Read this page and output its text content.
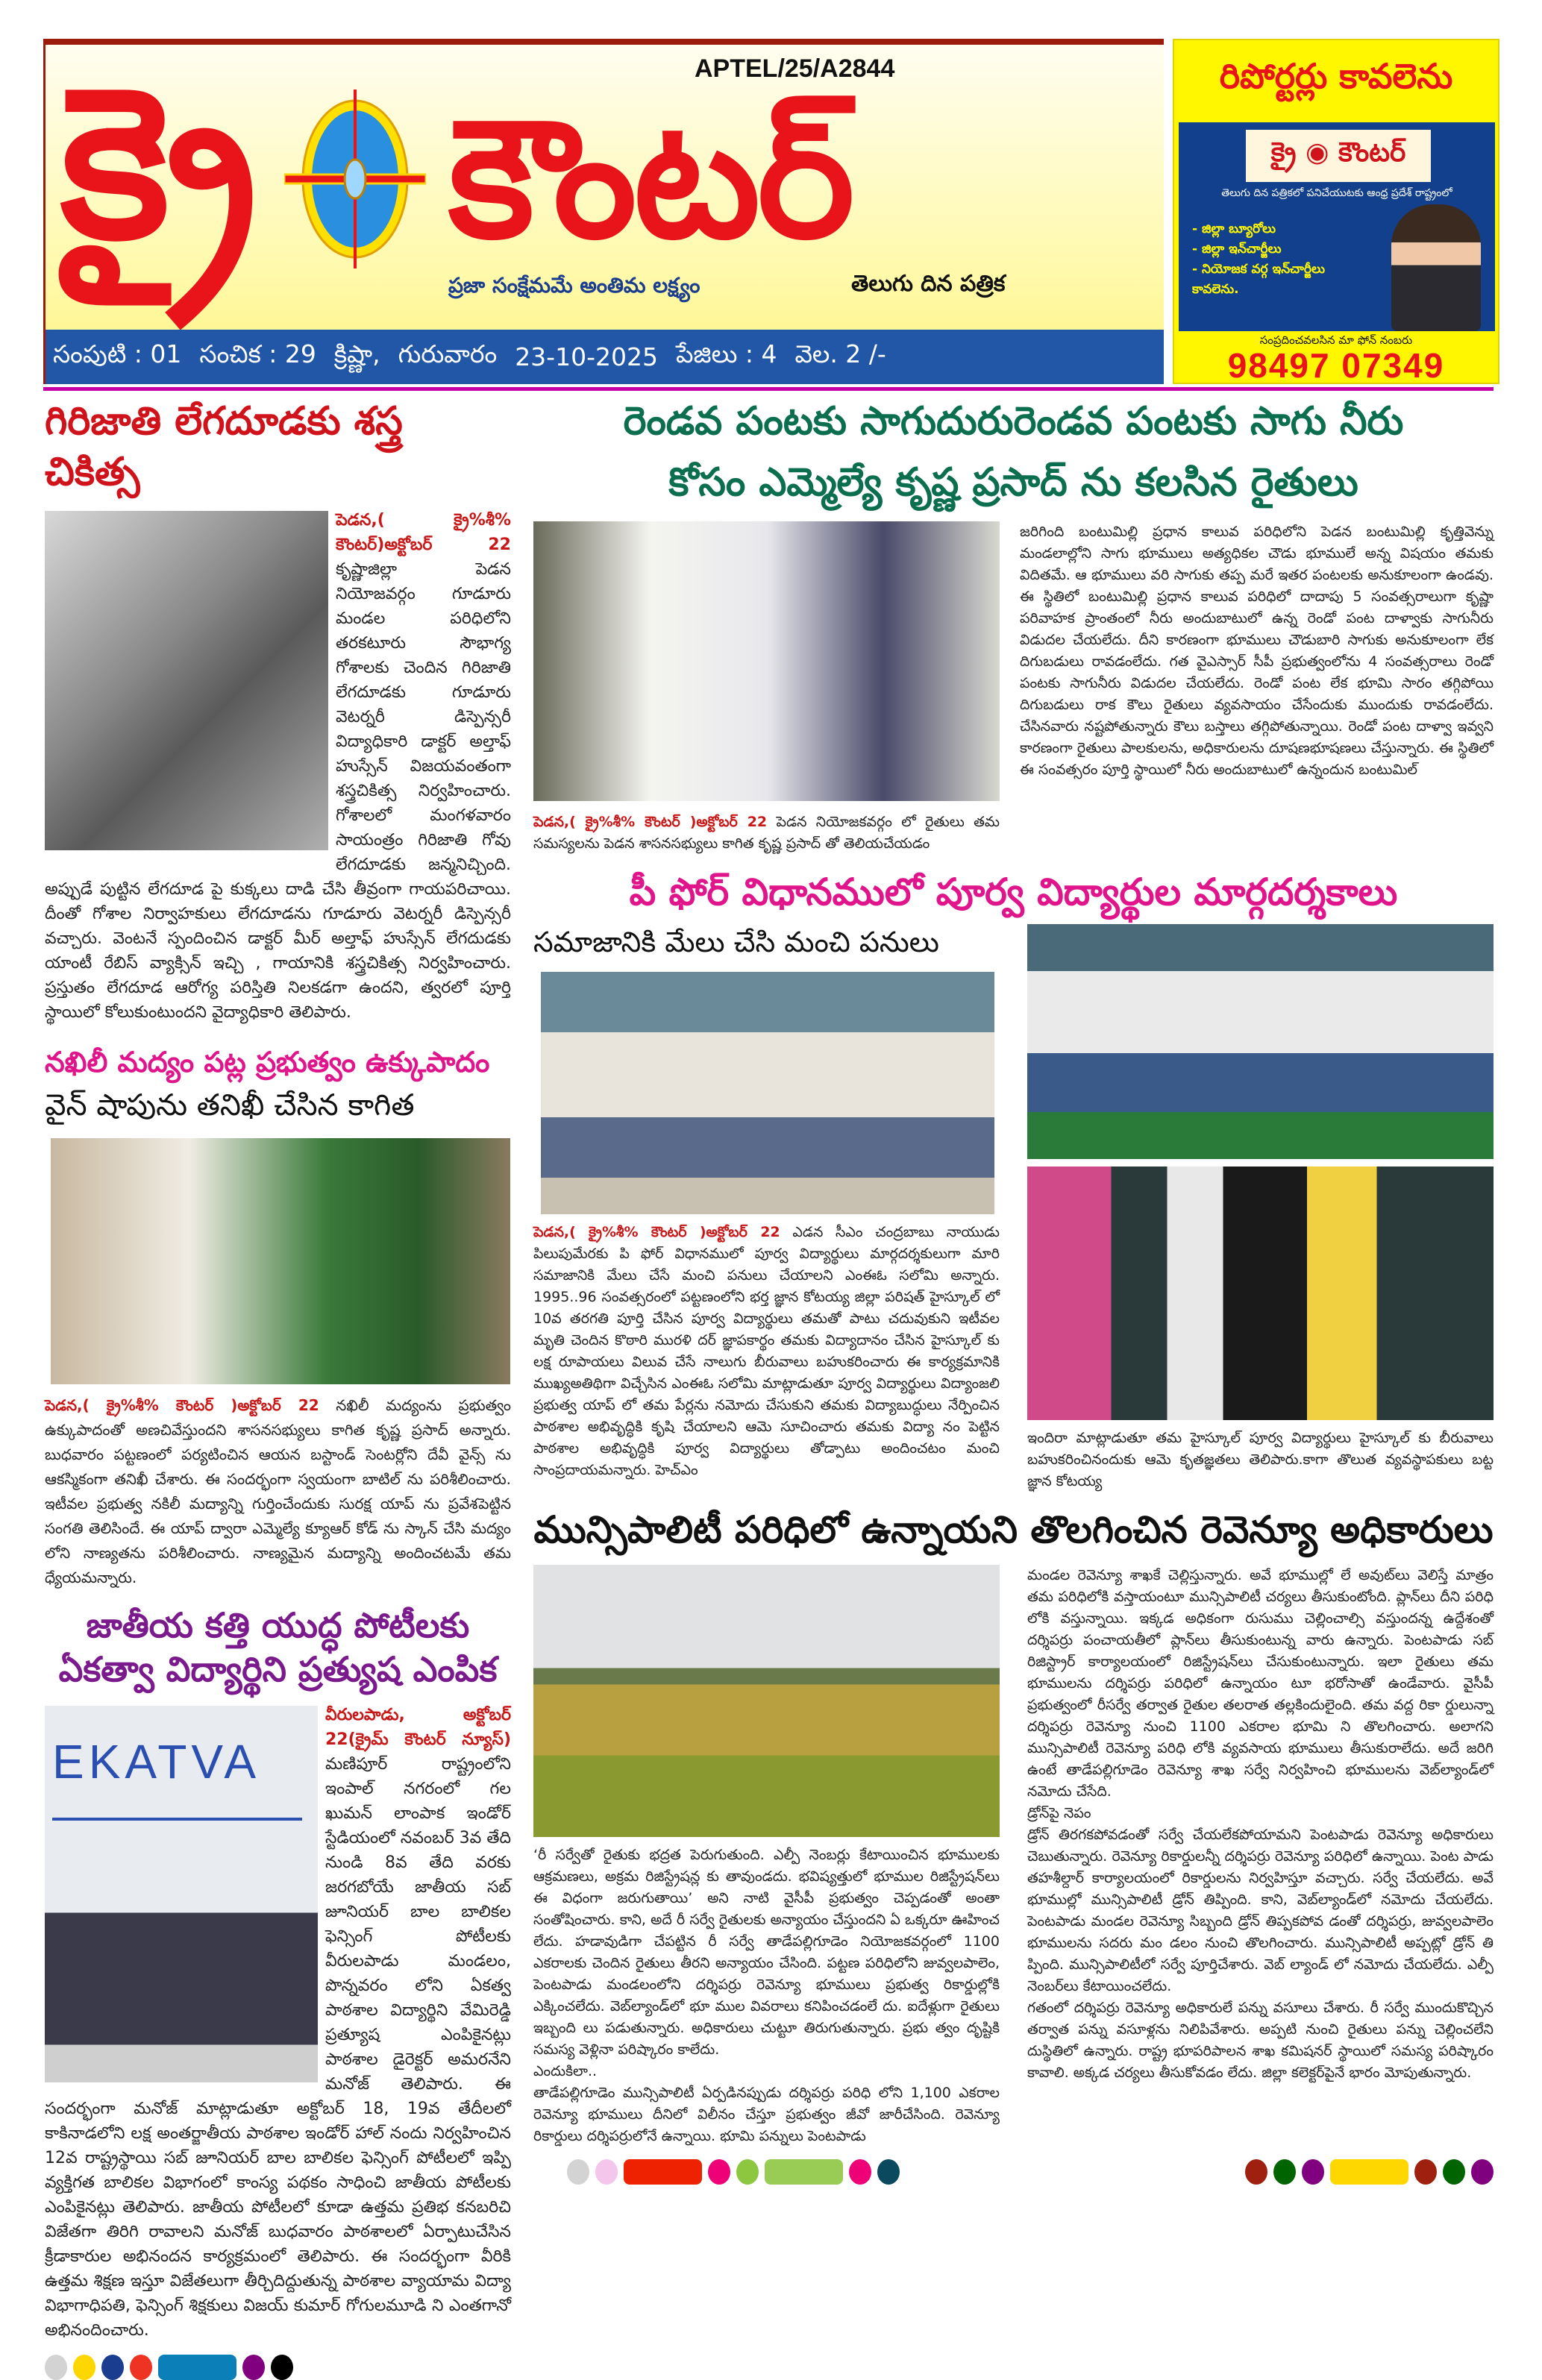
క్రై	APTEL/25/A2844
కౌంటర్
ప్రజా సంక్షేమమే అంతిమ లక్ష్యం	తెలుగు దిన పత్రిక
సంపుటి : 01 సంచిక : 29 క్రిష్ణా, గురువారం 23-10-2025 పేజిలు : 4 వెల. 2 /-
రిపోర్టర్లు కావలెను
క్రై ◉ కౌంటర్
తెలుగు దిన పత్రికలో పనిచేయుటకు ఆంధ్ర ప్రదేశ్ రాష్ట్రంలో
- జిల్లా బ్యూరోలు
- జిల్లా ఇన్‌చార్జీలు
- నియోజక వర్గ ఇన్‌చార్జీలు
కావలెను.
సంప్రదించవలసిన మా ఫోన్ నంబరు
98497 07349
గిరిజాతి లేగదూడకు శస్త్ర చికిత్స
పెడన,( క్రై%శీ% కౌంటర్)అక్టోబర్ 22 కృష్ణాజిల్లా పెడన నియోజవర్గం గూడూరు మండల పరిధిలోని తరకటూరు సౌభాగ్య గోశాలకు చెందిన గిరిజాతి లేగదూడకు గూడూరు వెటర్నరీ డిస్పెన్సరీ విద్యాధికారి డాక్టర్ అల్తాఫ్ హుస్సేన్ విజయవంతంగా శస్త్రచికిత్స నిర్వహించారు. గోశాలలో మంగళవారం సాయంత్రం గిరిజాతి గోవు లేగదూడకు జన్మనిచ్చింది. అప్పుడే పుట్టిన లేగదూడ పై కుక్కలు దాడి చేసి తీవ్రంగా గాయపరిచాయి. దీంతో గోశాల నిర్వాహకులు లేగదూడను గూడూరు వెటర్నరీ డిస్పెన్సరీ వచ్చారు. వెంటనే స్పందించిన డాక్టర్ మీర్ అల్తాఫ్ హుస్సేన్ లేగదుడకు యాంటీ రేబిస్ వ్యాక్సిన్ ఇచ్చి , గాయానికి శస్త్రచికిత్స నిర్వహించారు. ప్రస్తుతం లేగదూడ ఆరోగ్య పరిస్తితి నిలకడగా ఉందని, త్వరలో పూర్తి స్థాయిలో కోలుకుంటుందని వైద్యాధికారి తెలిపారు.
నఖిలీ మద్యం పట్ల ప్రభుత్వం ఉక్కుపాదం
వైన్ షాపును తనిఖీ చేసిన కాగిత
పెడన,( క్రై%శీ% కౌంటర్ )అక్టోబర్ 22 నఖిలీ మద్యంను ప్రభుత్వం ఉక్కుపాదంతో అణచివేస్తుందని శాసనసభ్యులు కాగిత కృష్ణ ప్రసాద్ అన్నారు. బుధవారం పట్టణంలో పర్యటించిన ఆయన బస్టాండ్ సెంటర్లోని దేవీ వైన్స్ ను ఆకస్మికంగా తనిఖీ చేశారు. ఈ సందర్భంగా స్వయంగా బాటిల్ ను పరిశీలించారు. ఇటీవల ప్రభుత్వ నకిలీ మద్యాన్ని గుర్తించేందుకు సురక్ష యాప్ ను ప్రవేశపెట్టిన సంగతి తెలిసిందే. ఈ యాప్ ద్వారా ఎమ్మెల్యే క్యూఆర్ కోడ్ ను స్కాన్ చేసి మద్యం లోని నాణ్యతను పరిశీలించారు. నాణ్యమైన మద్యాన్ని అందించటమే తమ ధ్యేయమన్నారు.
జాతీయ కత్తి యుద్ధ పోటీలకు
ఏకత్వా విద్యార్థిని ప్రత్యుష ఎంపిక
EKATVA
వీరులపాడు, అక్టోబర్ 22(క్రైమ్ కౌంటర్ న్యూస్) మణిపూర్ రాష్ట్రంలోని ఇంపాల్ నగరంలో గల ఖుమన్ లాంపాక ఇండోర్ స్టేడియంలో నవంబర్ 3వ తేది నుండి 8వ తేది వరకు జరగబోయే జాతీయ సబ్ జూనియర్ బాల బాలికల ఫెన్సింగ్ పోటీలకు వీరులపాడు మండలం, పొన్నవరం లోని ఏకత్వ పాఠశాల విద్యార్థిని వేమిరెడ్డి ప్రత్యూష ఎంపికైనట్లు పాఠశాల డైరెక్టర్ అమరనేని మనోజ్ తెలిపారు. ఈ సందర్భంగా మనోజ్ మాట్లాడుతూ అక్టోబర్ 18, 19వ తేదీలలో కాకినాడలోని లక్ష అంతర్జాతీయ పాఠశాల ఇండోర్ హాల్ నందు నిర్వహించిన 12వ రాష్ట్రస్థాయి సబ్ జూనియర్ బాల బాలికల ఫెన్సింగ్ పోటీలలో ఇప్పి వ్యక్తిగత బాలికల విభాగంలో కాంస్య పథకం సాధించి జాతీయ పోటీలకు ఎంపికైనట్లు తెలిపారు. జాతీయ పోటీలలో కూడా ఉత్తమ ప్రతిభ కనబరిచి విజేతగా తిరిగి రావాలని మనోజ్ బుధవారం పాఠశాలలో ఏర్పాటుచేసిన క్రీడాకారుల అభినందన కార్యక్రమంలో తెలిపారు. ఈ సందర్భంగా వీరికి ఉత్తమ శిక్షణ ఇస్తూ విజేతలుగా తీర్చిదిద్దుతున్న పాఠశాల వ్యాయామ విద్యా విభాగాధిపతి, ఫెన్సింగ్ శిక్షకులు విజయ్ కుమార్ గోగులమూడి ని ఎంతగానో అభినందించారు.
రెండవ పంటకు సాగుదురురెండవ పంటకు సాగు నీరు
కోసం ఎమ్మెల్యే కృష్ణ ప్రసాద్ ను కలసిన రైతులు
పెడన,( క్రై%శీ% కౌంటర్ )అక్టోబర్ 22 పెడన నియోజకవర్గం లో రైతులు తమ సమస్యలను పెడన శాసనసభ్యులు కాగిత కృష్ణ ప్రసాద్ తో తెలియచేయడం
జరిగింది బంటుమిల్లి ప్రధాన కాలువ పరిధిలోని పెడన బంటుమిల్లి కృత్తివెన్ను మండలాల్లోని సాగు భూములు అత్యధికల చౌడు భూములే అన్న విషయం తమకు విదితమే. ఆ భూములు వరి సాగుకు తప్ప మరే ఇతర పంటలకు అనుకూలంగా ఉండవు. ఈ స్థితిలో బంటుమిల్లి ప్రధాన కాలువ పరిధిలో దాదాపు 5 సంవత్సరాలుగా కృష్ణా పరివాహక ప్రాంతంలో నీరు అందుబాటులో ఉన్న రెండో పంట దాళ్వాకు సాగునీరు విడుదల చేయలేదు. దీని కారణంగా భూములు చౌడుబారి సాగుకు అనుకూలంగా లేక దిగుబడులు రావడంలేదు. గత వైఎస్సార్ సీపీ ప్రభుత్వంలోను 4 సంవత్సరాలు రెండో పంటకు సాగునీరు విడుదల చేయలేదు. రెండో పంట లేక భూమి సారం తగ్గిపోయి దిగుబడులు రాక కౌలు రైతులు వ్యవసాయం చేసేందుకు ముందుకు రావడంలేదు. చేసినవారు నష్టపోతున్నారు కౌలు బస్తాలు తగ్గిపోతున్నాయి. రెండో పంట దాళ్వా ఇవ్వని కారణంగా రైతులు పాలకులను, అధికారులను దూషణభూషణలు చేస్తున్నారు. ఈ స్థితిలో ఈ సంవత్సరం పూర్తి స్థాయిలో నీరు అందుబాటులో ఉన్నందున బంటుమిల్
పీ ఫోర్ విధానములో పూర్వ విద్యార్థుల మార్గదర్శకాలు
సమాజానికి మేలు చేసి మంచి పనులు
పెడన,( క్రై%శీ% కౌంటర్ )అక్టోబర్ 22 ఎడన సీఎం చంద్రబాబు నాయుడు పిలుపుమేరకు పి ఫోర్ విధానములో పూర్వ విద్యార్థులు మార్గదర్శకులుగా మారి సమాజానికి మేలు చేసే మంచి పనులు చేయాలని ఎంఈఓ సలోమి అన్నారు. 1995..96 సంవత్సరంలో పట్టణంలోని భర్త జ్ఞాన కోటయ్య జిల్లా పరిషత్ హైస్కూల్ లో 10వ తరగతి పూర్తి చేసిన పూర్వ విద్యార్థులు తమతో పాటు చదువుకుని ఇటీవల మృతి చెందిన కొఠారి మురళి దర్ జ్ఞాపకార్థం తమకు విద్యాదానం చేసిన హైస్కూల్ కు లక్ష రూపాయలు విలువ చేసే నాలుగు బీరువాలు బహుకరించారు ఈ కార్యక్రమానికి ముఖ్యఅతిథిగా విచ్చేసిన ఎంఈఓ సలోమి మాట్లాడుతూ పూర్వ విద్యార్థులు విద్యాంజలి ప్రభుత్వ యాప్ లో తమ పేర్లను నమోదు చేసుకుని తమకు విద్యాబుద్ధులు నేర్పించిన పాఠశాల అభివృద్ధికి కృషి చేయాలని ఆమె సూచించారు తమకు విద్యా నం పెట్టిన పాఠశాల అభివృద్ధికి పూర్వ విద్యార్థులు తోడ్పాటు అందించటం మంచి సాంప్రదాయమన్నారు. హెచ్ఎం
ఇందిరా మాట్లాడుతూ తమ హైస్కూల్ పూర్వ విద్యార్థులు హైస్కూల్ కు బీరువాలు బహుకరించినందుకు ఆమె కృతజ్ఞతలు తెలిపారు.కాగా తొలుత వ్యవస్థాపకులు బట్ట జ్ఞాన కోటయ్య
మున్సిపాలిటీ పరిధిలో ఉన్నాయని తొలగించిన రెవెన్యూ అధికారులు
‘రీ సర్వేతో రైతుకు భద్రత పెరుగుతుంది. ఎల్పీ నెంబర్లు కేటాయించిన భూములకు ఆక్రమణలు, అక్రమ రిజిస్ట్రేషన్ల కు తావుండదు. భవిష్యత్తులో భూముల రిజిస్ట్రేషన్‌లు ఈ విధంగా జరుగుతాయి’ అని నాటి వైసీపీ ప్రభుత్వం చెప్పడంతో అంతా సంతోషించారు. కాని, అదే రీ సర్వే రైతులకు అన్యాయం చేస్తుందని ఏ ఒక్కరూ ఊహించ లేదు. హడావుడిగా చేపట్టిన రీ సర్వే తాడేపల్లిగూడెం నియోజకవర్గంలో 1100 ఎకరాలకు చెందిన రైతులు తీరని అన్యాయం చేసింది. పట్టణ పరిధిలోని జువ్వలపాలెం, పెంటపాడు మండలంలోని దర్శిపర్రు రెవెన్యూ భూములు ప్రభుత్వ రికార్డుల్లోకి ఎక్కించలేదు. వెబ్‌ల్యాండ్‌లో భూ ముల వివరాలు కనిపించడంలే దు. ఐదేళ్లుగా రైతులు ఇబ్బంది లు పడుతున్నారు. అధికారులు చుట్టూ తిరుగుతున్నారు. ప్రభు త్వం దృష్టికి సమస్య వెళ్లినా పరిష్కారం కాలేదు.
ఎందుకిలా..
తాడేపల్లిగూడెం మున్సిపాలిటీ ఏర్పడినప్పుడు దర్శిపర్రు పరిధి లోని 1,100 ఎకరాల రెవెన్యూ భూములు దీనిలో విలీనం చేస్తూ ప్రభుత్వం జీవో జారీచేసింది. రెవెన్యూ రికార్డులు దర్శిపర్రులోనే ఉన్నాయి. భూమి పన్నులు పెంటపాడు
మండల రెవెన్యూ శాఖకే చెల్లిస్తున్నారు. అవే భూముల్లో లే అవుట్‌లు వెలిస్తే మాత్రం తమ పరిధిలోకి వస్తాయంటూ మున్సిపాలిటీ చర్యలు తీసుకుంటోంది. ప్లాన్‌లు దీని పరిధి లోకి వస్తున్నాయి. ఇక్కడ అధికంగా రుసుము చెల్లించాల్సి వస్తుందన్న ఉద్దేశంతో దర్శిపర్రు పంచాయతీలో ప్లాన్‌లు తీసుకుంటున్న వారు ఉన్నారు. పెంటపాడు సబ్ రిజిస్ట్రార్ కార్యాలయంలో రిజిస్ట్రేషన్‌లు చేసుకుంటున్నారు. ఇలా రైతులు తమ భూములను దర్శిపర్రు పరిధిలో ఉన్నాయం టూ భరోసాతో ఉండేవారు. వైసీపీ ప్రభుత్వంలో రీసర్వే తర్వాత రైతుల తలరాత తల్లకిందులైంది. తమ వద్ద రికా ర్డులున్నా దర్శిపర్రు రెవెన్యూ నుంచి 1100 ఎకరాల భూమి ని తొలగించారు. అలాగని మున్సిపాలిటీ రెవెన్యూ పరిధి లోకి వ్యవసాయ భూములు తీసుకురాలేదు. అదే జరిగి ఉంటే తాడేపల్లిగూడెం రెవెన్యూ శాఖ సర్వే నిర్వహించి భూములను వెబ్‌ల్యాండ్‌లో నమోదు చేసేది.
డ్రోన్‌పై నెపం
డ్రోన్ తిరగకపోవడంతో సర్వే చేయలేకపోయామని పెంటపాడు రెవెన్యూ అధికారులు చెబుతున్నారు. రెవెన్యూ రికార్డులన్నీ దర్శిపర్రు రెవెన్యూ పరిధిలో ఉన్నాయి. పెంట పాడు తహశీల్దార్ కార్యాలయంలో రికార్డులను నిర్వహిస్తూ వచ్చారు. సర్వే చేయలేదు. అవే భూముల్లో మున్సిపాలిటీ డ్రోన్ తిప్పింది. కాని, వెబ్‌ల్యాండ్‌లో నమోదు చేయలేదు. పెంటపాడు మండల రెవెన్యూ సిబ్బంది డ్రోన్ తిప్పకపోవ డంతో దర్శిపర్రు, జువ్వలపాలెం భూములను సదరు మం డలం నుంచి తొలగించారు. మున్సిపాలిటీ అప్పట్లో డ్రోన్ తి ప్పింది. మున్సిపాలిటీలో సర్వే పూర్తిచేశారు. వెబ్ ల్యాండ్ లో నమోదు చేయలేదు. ఎల్పీ నెంబర్‌లు కేటాయించలేదు.
గతంలో దర్శిపర్రు రెవెన్యూ అధికారులే పన్ను వసూలు చేశారు. రీ సర్వే ముందుకొచ్చిన తర్వాత పన్ను వసూళ్లను నిలిపివేశారు. అప్పటి నుంచి రైతులు పన్ను చెల్లించలేని దుస్థితిలో ఉన్నారు. రాష్ట్ర భూపరిపాలన శాఖ కమిషనర్ స్థాయిలో సమస్య పరిష్కారం కావాలి. అక్కడ చర్యలు తీసుకోవడం లేదు. జిల్లా కలెక్టర్‌పైనే భారం మోపుతున్నారు.
